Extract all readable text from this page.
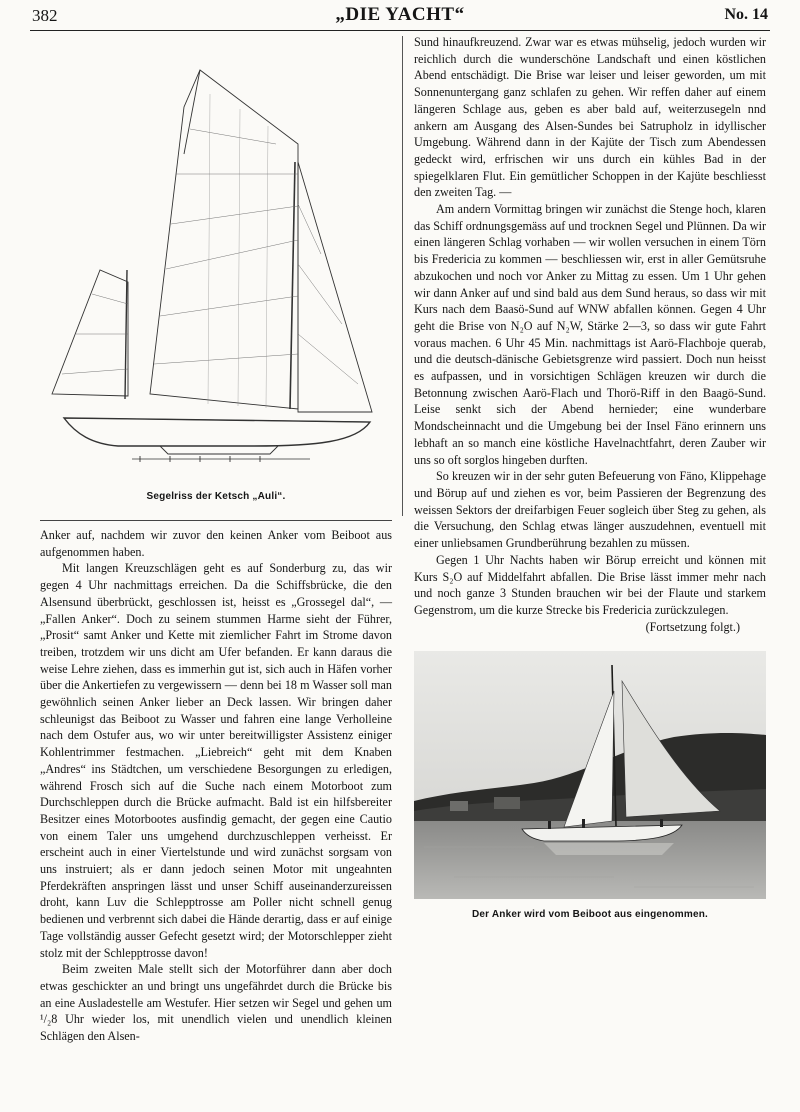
382	„DIE YACHT“	No. 14
Segelriss der Ketsch „Auli“.

Anker auf, nachdem wir zuvor den keinen Anker vom Beiboot aus aufgenommen haben.

Mit langen Kreuzschlägen geht es auf Sonderburg zu, das wir gegen 4 Uhr nachmittags erreichen. Da die Schiffsbrücke, die den Alsensund überbrückt, geschlossen ist, heisst es „Grossegel dal“, — „Fallen Anker“. Doch zu seinem stummen Harme sieht der Führer, „Prosit“ samt Anker und Kette mit ziemlicher Fahrt im Strome davon treiben, trotzdem wir uns dicht am Ufer befanden. Er kann daraus die weise Lehre ziehen, dass es immerhin gut ist, sich auch in Häfen vorher über die Ankertiefen zu vergewissern — denn bei 18 m Wasser soll man gewöhnlich seinen Anker lieber an Deck lassen. Wir bringen daher schleunigst das Beiboot zu Wasser und fahren eine lange Verholleine nach dem Ostufer aus, wo wir unter bereitwilligster Assistenz einiger Kohlentrimmer festmachen. „Liebreich“ geht mit dem Knaben „Andres“ ins Städtchen, um verschiedene Besorgungen zu erledigen, während Frosch sich auf die Suche nach einem Motorboot zum Durchschleppen durch die Brücke aufmacht. Bald ist ein hilfsbereiter Besitzer eines Motorbootes ausfindig gemacht, der gegen eine Cautio von einem Taler uns umgehend durchzuschleppen verheisst. Er erscheint auch in einer Viertelstunde und wird zunächst sorgsam von uns instruiert; als er dann jedoch seinen Motor mit ungeahnten Pferdekräften anspringen lässt und unser Schiff auseinanderzureissen droht, kann Luv die Schlepptrosse am Poller nicht schnell genug bedienen und verbrennt sich dabei die Hände derartig, dass er auf einige Tage vollständig ausser Gefecht gesetzt wird; der Motorschlepper zieht stolz mit der Schlepptrosse davon!

Beim zweiten Male stellt sich der Motorführer dann aber doch etwas geschickter an und bringt uns ungefährdet durch die Brücke bis an eine Ausladestelle am Westufer. Hier setzen wir Segel und gehen um ¹/₂8 Uhr wieder los, mit unendlich vielen und unendlich kleinen Schlägen den Alsen-

Sund hinaufkreuzend. Zwar war es etwas mühselig, jedoch wurden wir reichlich durch die wunderschöne Landschaft und einen köstlichen Abend entschädigt. Die Brise war leiser und leiser geworden, um mit Sonnenuntergang ganz schlafen zu gehen. Wir reffen daher auf einem längeren Schlage aus, geben es aber bald auf, weiterzusegeln nnd ankern am Ausgang des Alsen-Sundes bei Satrupholz in idyllischer Umgebung. Während dann in der Kajüte der Tisch zum Abendessen gedeckt wird, erfrischen wir uns durch ein kühles Bad in der spiegelklaren Flut. Ein gemütlicher Schoppen in der Kajüte beschliesst den zweiten Tag. —

Am andern Vormittag bringen wir zunächst die Stenge hoch, klaren das Schiff ordnungsgemäss auf und trocknen Segel und Plünnen. Da wir einen längeren Schlag vorhaben — wir wollen versuchen in einem Törn bis Fredericia zu kommen — beschliessen wir, erst in aller Gemütsruhe abzukochen und noch vor Anker zu Mittag zu essen. Um 1 Uhr gehen wir dann Anker auf und sind bald aus dem Sund heraus, so dass wir mit Kurs nach dem Baasö-Sund auf WNW abfallen können. Gegen 4 Uhr geht die Brise von N₂O auf N₂W, Stärke 2—3, so dass wir gute Fahrt voraus machen. 6 Uhr 45 Min. nachmittags ist Aarö-Flachboje querab, und die deutsch-dänische Gebietsgrenze wird passiert. Doch nun heisst es aufpassen, und in vorsichtigen Schlägen kreuzen wir durch die Betonnung zwischen Aarö-Flach und Thorö-Riff in den Baagö-Sund. Leise senkt sich der Abend hernieder; eine wunderbare Mondscheinnacht und die Umgebung bei der Insel Fäno erinnern uns lebhaft an so manch eine köstliche Havelnachtfahrt, deren Zauber wir uns so oft sorglos hingeben durften.

So kreuzen wir in der sehr guten Befeuerung von Fäno, Klippehage und Börup auf und ziehen es vor, beim Passieren der Begrenzung des weissen Sektors der dreifarbigen Feuer sogleich über Steg zu gehen, als die Versuchung, den Schlag etwas länger auszudehnen, eventuell mit einer unliebsamen Grundberührung bezahlen zu müssen.

Gegen 1 Uhr Nachts haben wir Börup erreicht und können mit Kurs S₂O auf Middelfahrt abfallen. Die Brise lässt immer mehr nach und noch ganze 3 Stunden brauchen wir bei der Flaute und starkem Gegenstrom, um die kurze Strecke bis Fredericia zurückzulegen.

(Fortsetzung folgt.)
Der Anker wird vom Beiboot aus eingenommen.
